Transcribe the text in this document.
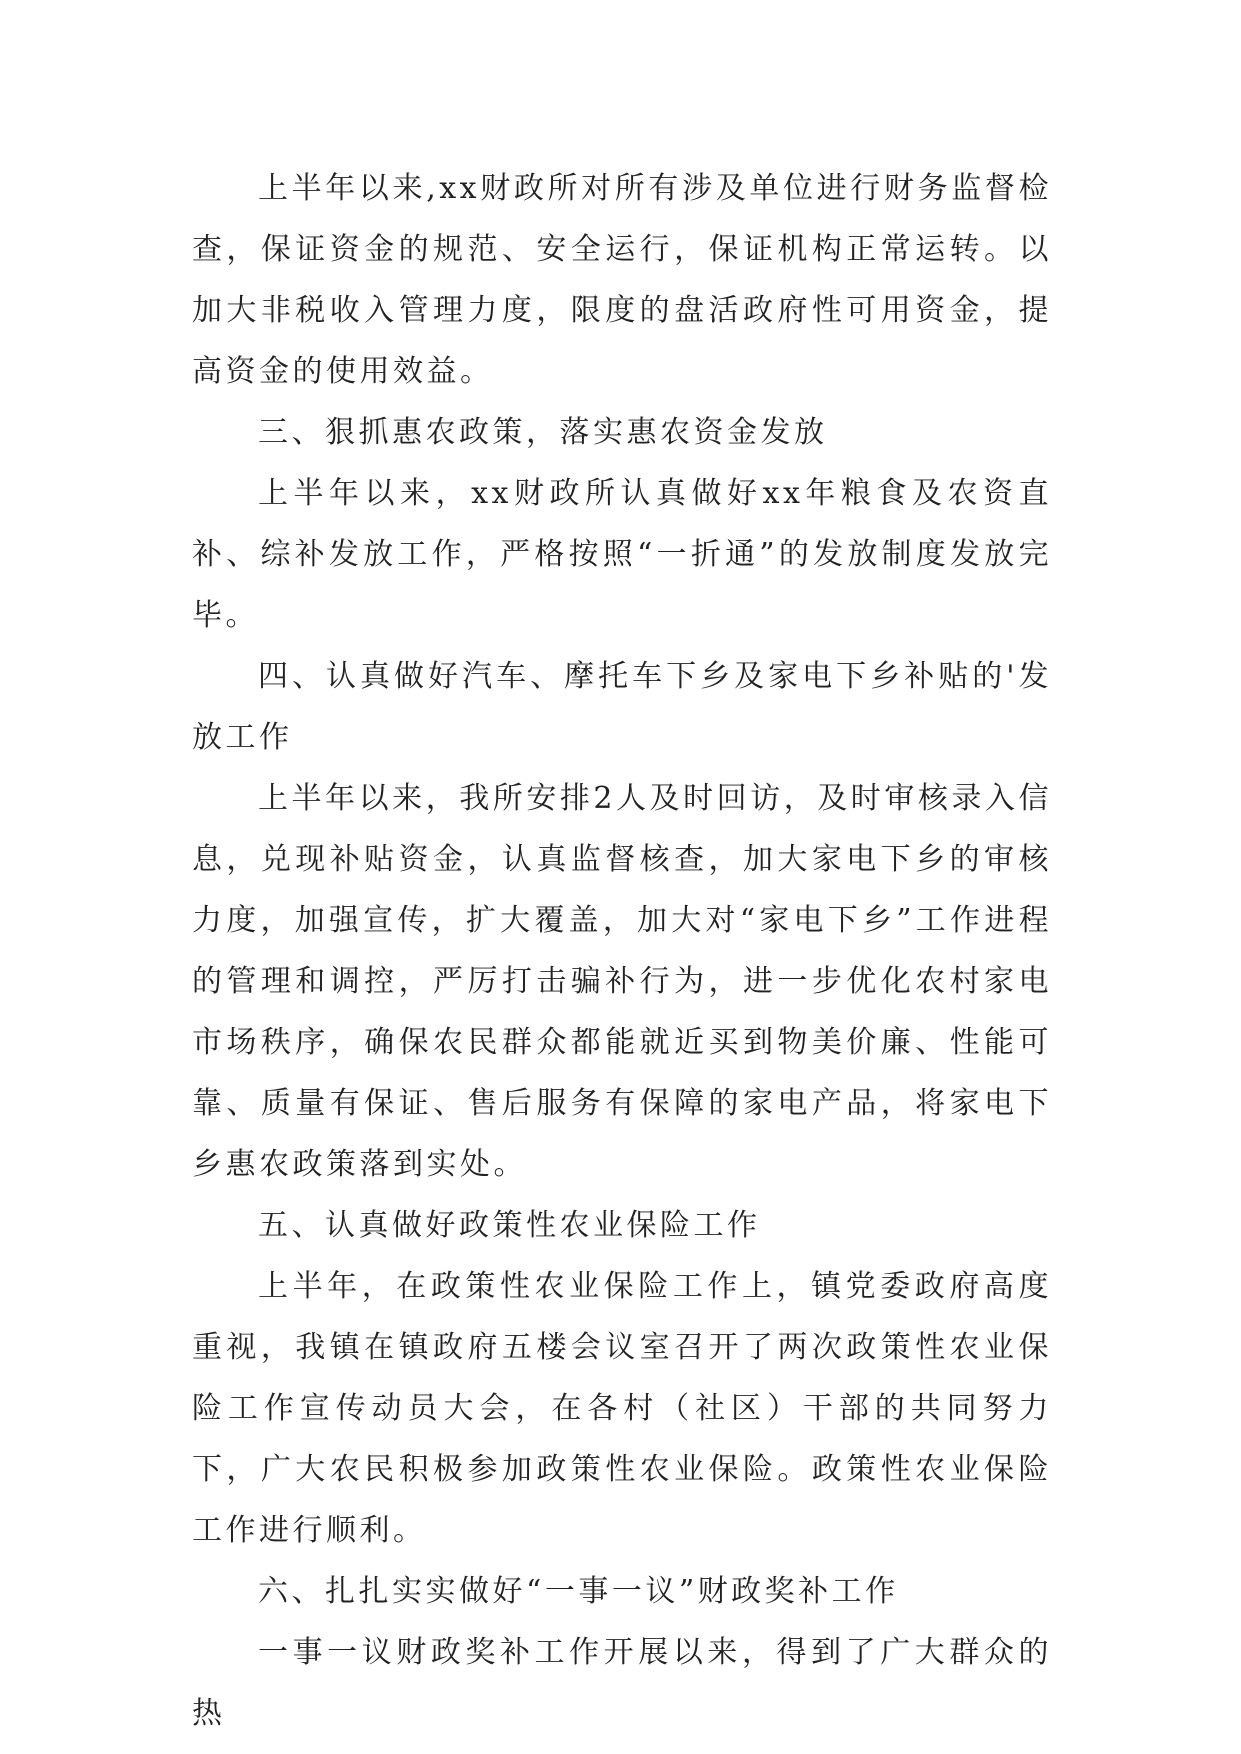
上半年以来,xx财政所对所有涉及单位进行财务监督检查，保证资金的规范、安全运行，保证机构正常运转。以加大非税收入管理力度，限度的盘活政府性可用资金，提高资金的使用效益。

三、狠抓惠农政策，落实惠农资金发放

上半年以来，xx财政所认真做好xx年粮食及农资直补、综补发放工作，严格按照“一折通”的发放制度发放完毕。

四、认真做好汽车、摩托车下乡及家电下乡补贴的'发放工作

上半年以来，我所安排2人及时回访，及时审核录入信息，兑现补贴资金，认真监督核查，加大家电下乡的审核力度，加强宣传，扩大覆盖，加大对“家电下乡”工作进程的管理和调控，严厉打击骗补行为，进一步优化农村家电市场秩序，确保农民群众都能就近买到物美价廉、性能可靠、质量有保证、售后服务有保障的家电产品，将家电下乡惠农政策落到实处。

五、认真做好政策性农业保险工作

上半年，在政策性农业保险工作上，镇党委政府高度重视，我镇在镇政府五楼会议室召开了两次政策性农业保险工作宣传动员大会，在各村（社区）干部的共同努力下，广大农民积极参加政策性农业保险。政策性农业保险工作进行顺利。

六、扎扎实实做好“一事一议”财政奖补工作

一事一议财政奖补工作开展以来，得到了广大群众的热
